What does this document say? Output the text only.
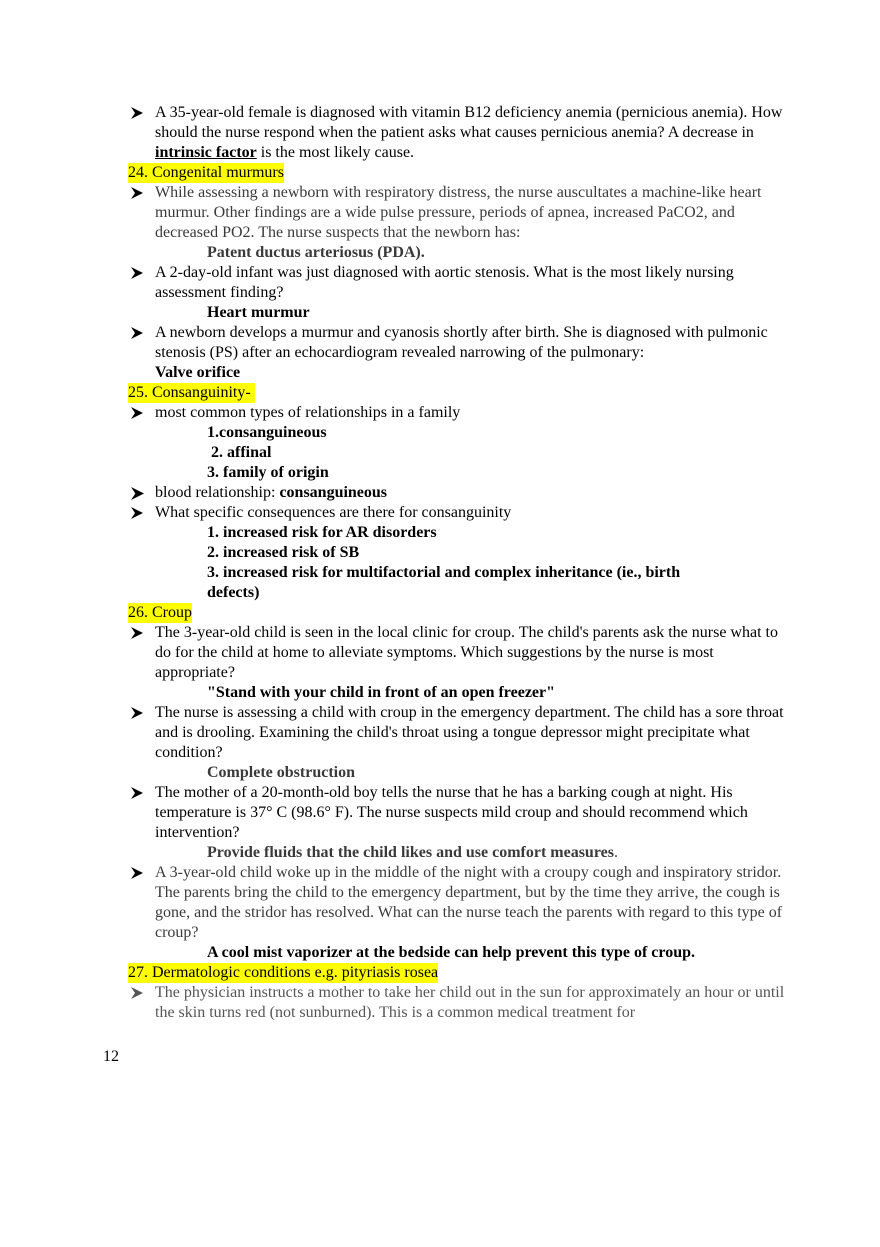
A 35-year-old female is diagnosed with vitamin B12 deficiency anemia (pernicious anemia). How should the nurse respond when the patient asks what causes pernicious anemia? A decrease in intrinsic factor is the most likely cause.
24. Congenital murmurs
While assessing a newborn with respiratory distress, the nurse auscultates a machine-like heart murmur. Other findings are a wide pulse pressure, periods of apnea, increased PaCO2, and decreased PO2. The nurse suspects that the newborn has:
Patent ductus arteriosus (PDA).
A 2-day-old infant was just diagnosed with aortic stenosis. What is the most likely nursing assessment finding?
Heart murmur
A newborn develops a murmur and cyanosis shortly after birth. She is diagnosed with pulmonic stenosis (PS) after an echocardiogram revealed narrowing of the pulmonary:
Valve orifice
25. Consanguinity-
most common types of relationships in a family
1.consanguineous
2. affinal
3. family of origin
blood relationship: consanguineous
What specific consequences are there for consanguinity
1. increased risk for AR disorders
2. increased risk of SB
3. increased risk for multifactorial and complex inheritance (ie., birth defects)
26. Croup
The 3-year-old child is seen in the local clinic for croup. The child's parents ask the nurse what to do for the child at home to alleviate symptoms. Which suggestions by the nurse is most appropriate?
"Stand with your child in front of an open freezer"
The nurse is assessing a child with croup in the emergency department. The child has a sore throat and is drooling. Examining the child's throat using a tongue depressor might precipitate what condition?
Complete obstruction
The mother of a 20-month-old boy tells the nurse that he has a barking cough at night. His temperature is 37° C (98.6° F). The nurse suspects mild croup and should recommend which intervention?
Provide fluids that the child likes and use comfort measures.
A 3-year-old child woke up in the middle of the night with a croupy cough and inspiratory stridor. The parents bring the child to the emergency department, but by the time they arrive, the cough is gone, and the stridor has resolved. What can the nurse teach the parents with regard to this type of croup?
A cool mist vaporizer at the bedside can help prevent this type of croup.
27. Dermatologic conditions e.g. pityriasis rosea
The physician instructs a mother to take her child out in the sun for approximately an hour or until the skin turns red (not sunburned). This is a common medical treatment for
12
